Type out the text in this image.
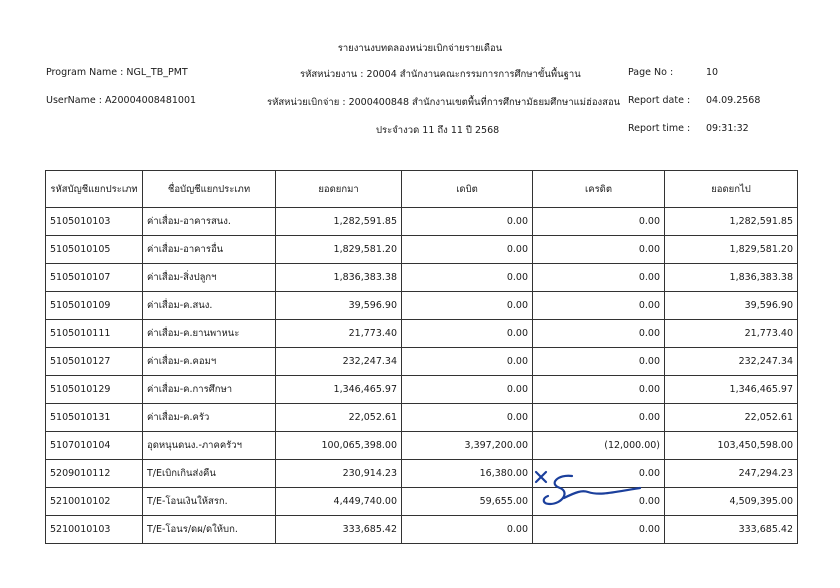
รายงานงบทดลองหน่วยเบิกจ่ายรายเดือน
Program Name : NGL_TB_PMT
UserName : A20004008481001
รหัสหน่วยงาน : 20004 สำนักงานคณะกรรมการการศึกษาขั้นพื้นฐาน
รหัสหน่วยเบิกจ่าย : 2000400848 สำนักงานเขตพื้นที่การศึกษามัธยมศึกษาแม่ฮ่องสอน
ประจำงวด 11 ถึง 11 ปี 2568
Page No :	10
Report date : 04.09.2568
Report time : 09:31:32
รหัสบัญชีแยกประเภท	ชื่อบัญชีแยกประเภท	ยอดยกมา	เดบิต	เครดิต	ยอดยกไป
5105010103	ค่าเสื่อม-อาคารสนง.	1,282,591.85	0.00	0.00	1,282,591.85
5105010105	ค่าเสื่อม-อาคารอื่น	1,829,581.20	0.00	0.00	1,829,581.20
5105010107	ค่าเสื่อม-สิ่งปลูกฯ	1,836,383.38	0.00	0.00	1,836,383.38
5105010109	ค่าเสื่อม-ค.สนง.	39,596.90	0.00	0.00	39,596.90
5105010111	ค่าเสื่อม-ค.ยานพาหนะ	21,773.40	0.00	0.00	21,773.40
5105010127	ค่าเสื่อม-ค.คอมฯ	232,247.34	0.00	0.00	232,247.34
5105010129	ค่าเสื่อม-ค.การศึกษา	1,346,465.97	0.00	0.00	1,346,465.97
5105010131	ค่าเสื่อม-ค.ครัว	22,052.61	0.00	0.00	22,052.61
5107010104	อุดหนุนดนง.-ภาคครัวฯ	100,065,398.00	3,397,200.00	(12,000.00)	103,450,598.00
5209010112	T/Eเบิกเกินส่งคืน	230,914.23	16,380.00	0.00	247,294.23
5210010102	T/E-โอนเงินให้สรก.	4,449,740.00	59,655.00	0.00	4,509,395.00
5210010103	T/E-โอนร/ดผ/ดให้บก.	333,685.42	0.00	0.00	333,685.42
